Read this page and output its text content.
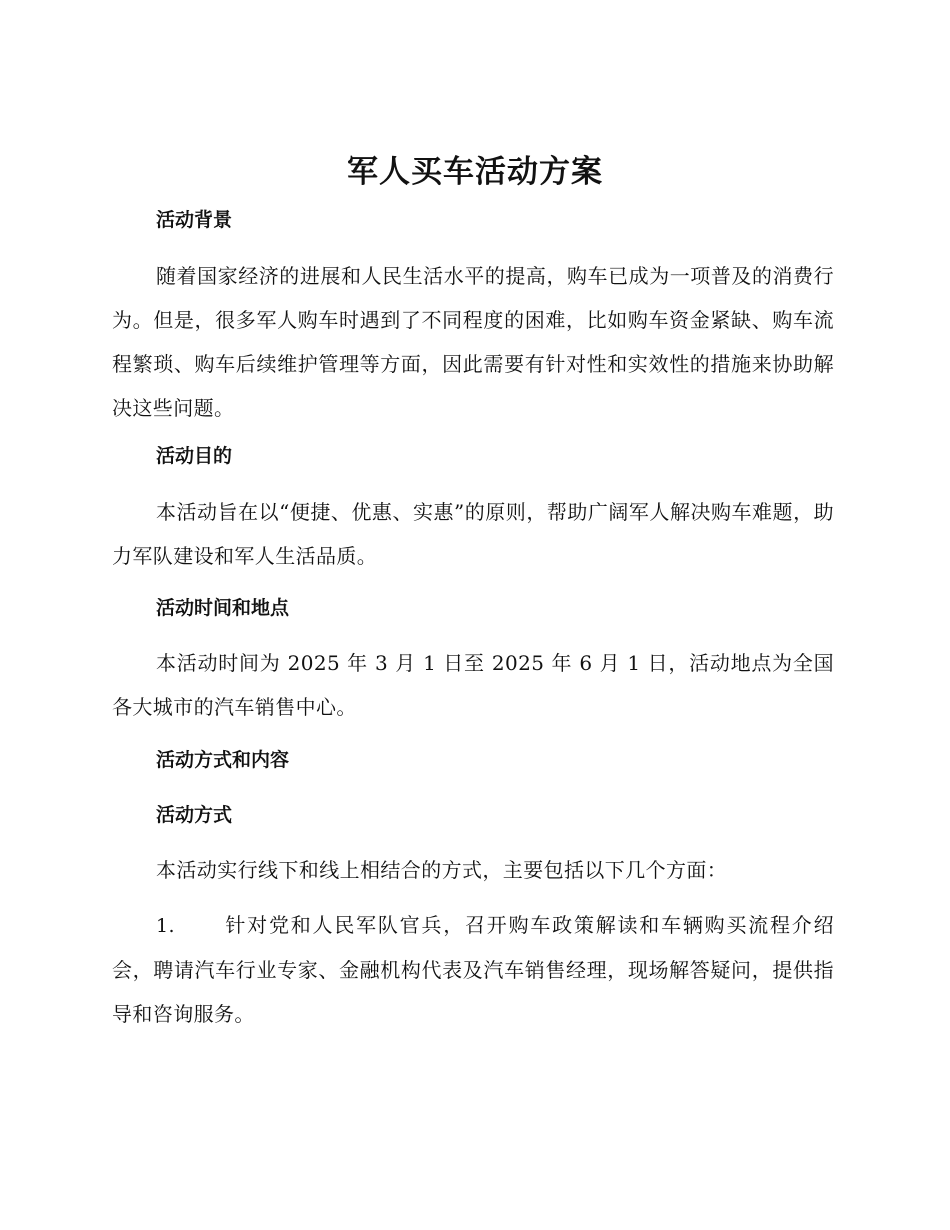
军人买车活动方案
活动背景

随着国家经济的进展和人民生活水平的提高，购车已成为一项普及的消费行为。但是，很多军人购车时遇到了不同程度的困难，比如购车资金紧缺、购车流程繁琐、购车后续维护管理等方面，因此需要有针对性和实效性的措施来协助解决这些问题。

活动目的

本活动旨在以“便捷、优惠、实惠”的原则，帮助广阔军人解决购车难题，助力军队建设和军人生活品质。

活动时间和地点

本活动时间为 2025 年 3 月 1 日至 2025 年 6 月 1 日，活动地点为全国各大城市的汽车销售中心。

活动方式和内容
活动方式

本活动实行线下和线上相结合的方式，主要包括以下几个方面：

1. 针对党和人民军队官兵，召开购车政策解读和车辆购买流程介绍会，聘请汽车行业专家、金融机构代表及汽车销售经理，现场解答疑问，提供指导和咨询服务。
